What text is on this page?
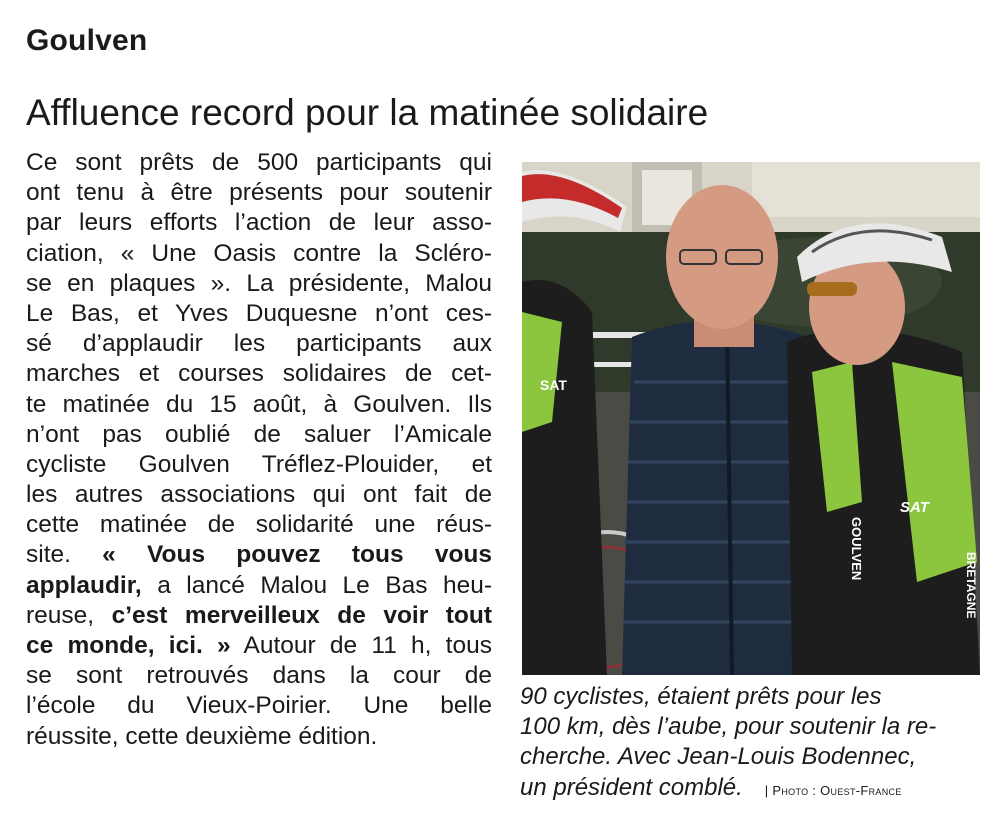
Goulven
Affluence record pour la matinée solidaire
Ce sont prêts de 500 participants qui
ont tenu à être présents pour soutenir
par leurs efforts l’action de leur asso-
ciation, « Une Oasis contre la Scléro-
se en plaques ». La présidente, Malou
Le Bas, et Yves Duquesne n’ont ces-
sé d’applaudir les participants aux
marches et courses solidaires de cet-
te matinée du 15 août, à Goulven. Ils
n’ont pas oublié de saluer l’Amicale
cycliste Goulven Tréflez-Plouider, et
les autres associations qui ont fait de
cette matinée de solidarité une réus-
site. « Vous pouvez tous vous
applaudir, a lancé Malou Le Bas heu-
reuse, c’est merveilleux de voir tout
ce monde, ici. » Autour de 11 h, tous
se sont retrouvés dans la cour de
l’école du Vieux-Poirier. Une belle
réussite, cette deuxième édition.
SAT
SAT
GOULVEN
BRETAGNE
90 cyclistes, étaient prêts pour les
100 km, dès l’aube, pour soutenir la re-
cherche. Avec Jean-Louis Bodennec,
un président comblé. | Photo : Ouest-France
